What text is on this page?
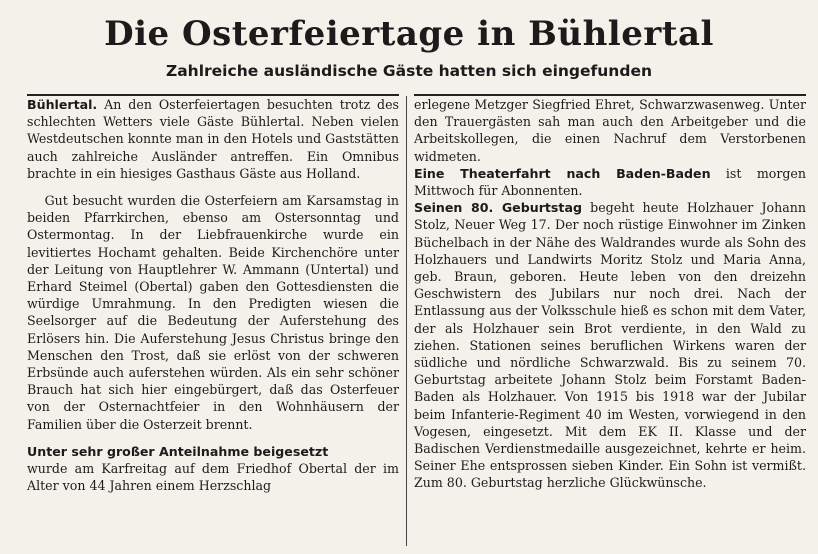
Die Osterfeiertage in Bühlertal
Zahlreiche ausländische Gäste hatten sich eingefunden

Bühlertal. An den Osterfeiertagen besuchten trotz des schlechten Wetters viele Gäste Bühlertal. Neben vielen Westdeutschen konnte man in den Hotels und Gaststätten auch zahlreiche Ausländer antreffen. Ein Omnibus brachte in ein hiesiges Gasthaus Gäste aus Holland.

Gut besucht wurden die Osterfeiern am Karsamstag in beiden Pfarrkirchen, ebenso am Ostersonntag und Ostermontag. In der Liebfrauenkirche wurde ein levitiertes Hochamt gehalten. Beide Kirchenchöre unter der Leitung von Hauptlehrer W. Ammann (Untertal) und Erhard Steimel (Obertal) gaben den Gottesdiensten die würdige Umrahmung. In den Predigten wiesen die Seelsorger auf die Bedeutung der Auferstehung des Erlösers hin. Die Auferstehung Jesus Christus bringe den Menschen den Trost, daß sie erlöst von der schweren Erbsünde auch auferstehen würden. Als ein sehr schöner Brauch hat sich hier eingebürgert, daß das Osterfeuer von der Osternachtfeier in den Wohnhäusern der Familien über die Osterzeit brennt.

Unter sehr großer Anteilnahme beigesetzt

wurde am Karfreitag auf dem Friedhof Obertal der im Alter von 44 Jahren einem Herzschlag

erlegene Metzger Siegfried Ehret, Schwarzwasenweg. Unter den Trauergästen sah man auch den Arbeitgeber und die Arbeitskollegen, die einen Nachruf dem Verstorbenen widmeten.

Eine Theaterfahrt nach Baden-Baden ist morgen Mittwoch für Abonnenten.

Seinen 80. Geburtstag begeht heute Holzhauer Johann Stolz, Neuer Weg 17. Der noch rüstige Einwohner im Zinken Büchelbach in der Nähe des Waldrandes wurde als Sohn des Holzhauers und Landwirts Moritz Stolz und Maria Anna, geb. Braun, geboren. Heute leben von den dreizehn Geschwistern des Jubilars nur noch drei. Nach der Entlassung aus der Volksschule hieß es schon mit dem Vater, der als Holzhauer sein Brot verdiente, in den Wald zu ziehen. Stationen seines beruflichen Wirkens waren der südliche und nördliche Schwarzwald. Bis zu seinem 70. Geburtstag arbeitete Johann Stolz beim Forstamt Baden-Baden als Holzhauer. Von 1915 bis 1918 war der Jubilar beim Infanterie-Regiment 40 im Westen, vorwiegend in den Vogesen, eingesetzt. Mit dem EK II. Klasse und der Badischen Verdienstmedaille ausgezeichnet, kehrte er heim. Seiner Ehe entsprossen sieben Kinder. Ein Sohn ist vermißt. Zum 80. Geburtstag herzliche Glückwünsche.
